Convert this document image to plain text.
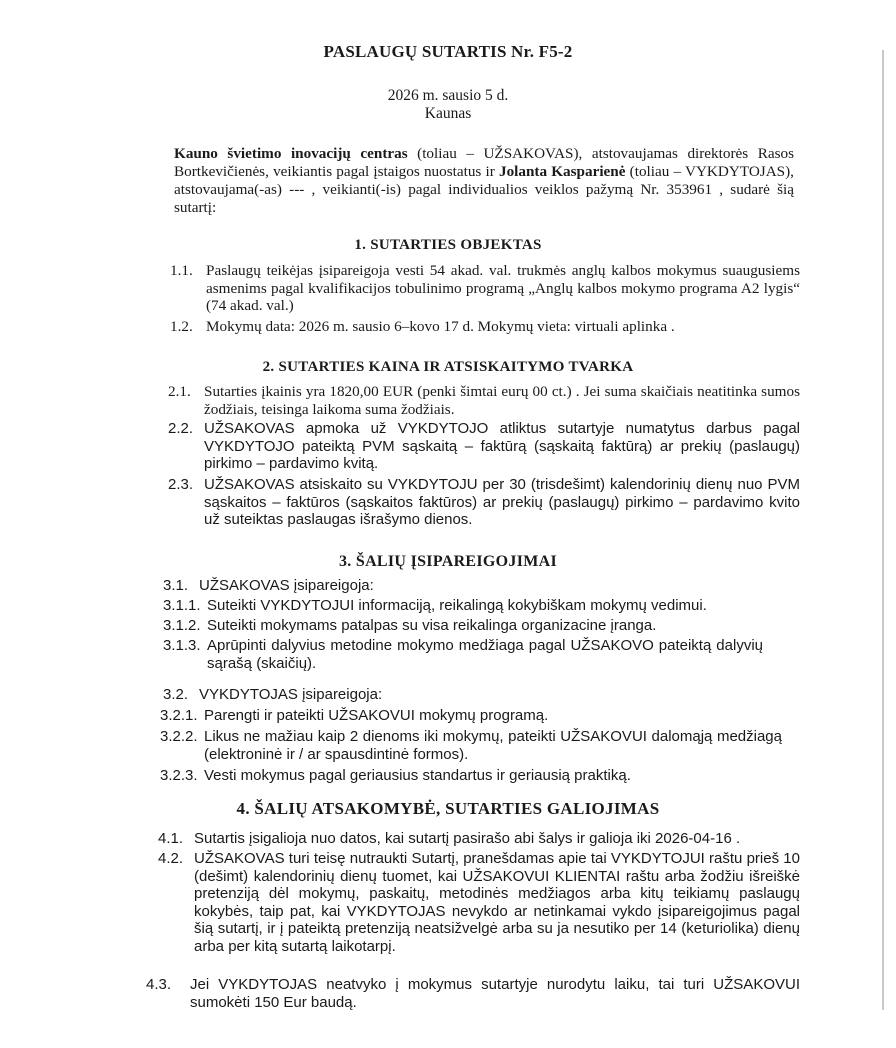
PASLAUGŲ SUTARTIS Nr. F5-2
2026 m. sausio 5 d.
Kaunas
Kauno švietimo inovacijų centras (toliau – UŽSAKOVAS), atstovaujamas direktorės Rasos Bortkevičienės, veikiantis pagal įstaigos nuostatus ir Jolanta Kasparienė (toliau – VYKDYTOJAS), atstovaujama(-as) --- , veikianti(-is) pagal individualios veiklos pažymą Nr. 353961 , sudarė šią sutartį:
1. SUTARTIES OBJEKTAS
1.1. Paslaugų teikėjas įsipareigoja vesti 54 akad. val. trukmės anglų kalbos mokymus suaugusiems asmenims pagal kvalifikacijos tobulinimo programą „Anglų kalbos mokymo programa A2 lygis“ (74 akad. val.)
1.2. Mokymų data: 2026 m. sausio 6–kovo 17 d. Mokymų vieta: virtuali aplinka .
2. SUTARTIES KAINA IR ATSISKAITYMO TVARKA
2.1. Sutarties įkainis yra 1820,00 EUR (penki šimtai eurų 00 ct.) . Jei suma skaičiais neatitinka sumos žodžiais, teisinga laikoma suma žodžiais.
2.2. UŽSAKOVAS apmoka už VYKDYTOJO atliktus sutartyje numatytus darbus pagal VYKDYTOJO pateiktą PVM sąskaitą – faktūrą (sąskaitą faktūrą) ar prekių (paslaugų) pirkimo – pardavimo kvitą.
2.3. UŽSAKOVAS atsiskaito su VYKDYTOJU per 30 (trisdešimt) kalendorinių dienų nuo PVM sąskaitos – faktūros (sąskaitos faktūros) ar prekių (paslaugų) pirkimo – pardavimo kvito už suteiktas paslaugas išrašymo dienos.
3. ŠALIŲ ĮSIPAREIGOJIMAI
3.1. UŽSAKOVAS įsipareigoja:
3.1.1. Suteikti VYKDYTOJUI informaciją, reikalingą kokybiškam mokymų vedimui.
3.1.2. Suteikti mokymams patalpas su visa reikalinga organizacine įranga.
3.1.3. Aprūpinti dalyvius metodine mokymo medžiaga pagal UŽSAKOVO pateiktą dalyvių sąrašą (skaičių).
3.2. VYKDYTOJAS įsipareigoja:
3.2.1. Parengti ir pateikti UŽSAKOVUI mokymų programą.
3.2.2. Likus ne mažiau kaip 2 dienoms iki mokymų, pateikti UŽSAKOVUI dalomąją medžiagą (elektroninė ir / ar spausdintinė formos).
3.2.3. Vesti mokymus pagal geriausius standartus ir geriausią praktiką.
4. ŠALIŲ ATSAKOMYBĖ, SUTARTIES GALIOJIMAS
4.1. Sutartis įsigalioja nuo datos, kai sutartį pasirašo abi šalys ir galioja iki 2026-04-16 .
4.2. UŽSAKOVAS turi teisę nutraukti Sutartį, pranešdamas apie tai VYKDYTOJUI raštu prieš 10 (dešimt) kalendorinių dienų tuomet, kai UŽSAKOVUI KLIENTAI raštu arba žodžiu išreiškė pretenziją dėl mokymų, paskaitų, metodinės medžiagos arba kitų teikiamų paslaugų kokybės, taip pat, kai VYKDYTOJAS nevykdo ar netinkamai vykdo įsipareigojimus pagal šią sutartį, ir į pateiktą pretenziją neatsižvelgė arba su ja nesutiko per 14 (keturiolika) dienų arba per kitą sutartą laikotarpį.
4.3.	Jei VYKDYTOJAS neatvyko į mokymus sutartyje nurodytu laiku, tai turi UŽSAKOVUI sumokėti 150 Eur baudą.
